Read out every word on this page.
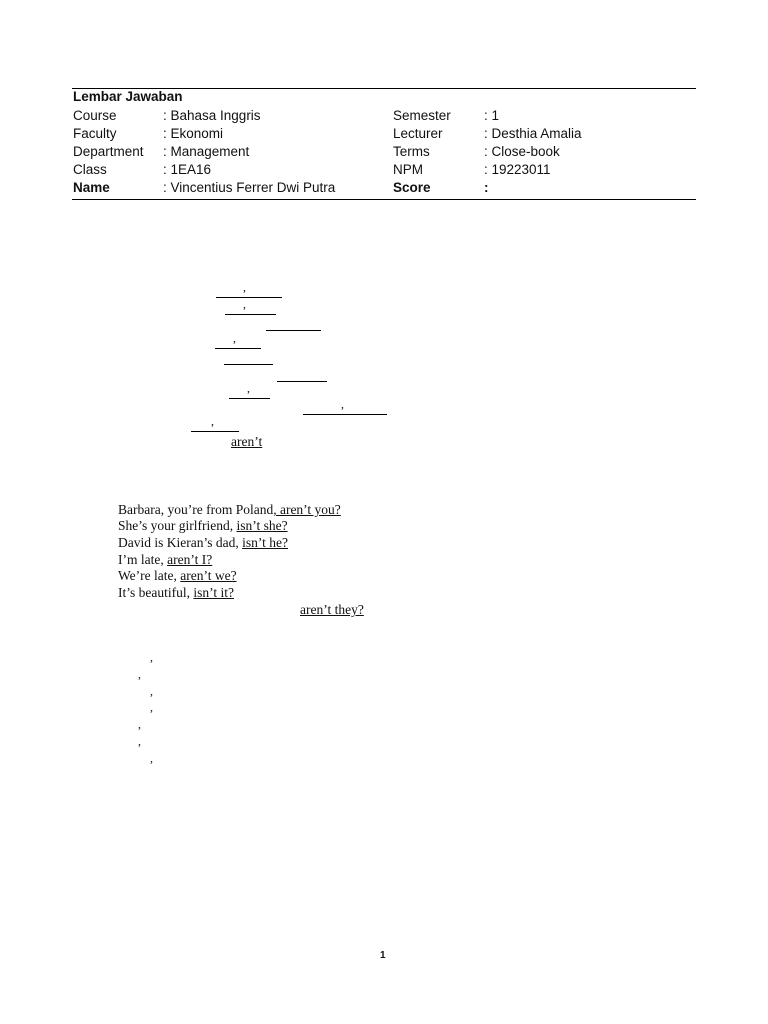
Lembar Jawaban
Course	: Bahasa Inggris	Semester : 1
Faculty	: Ekonomi	Lecturer	: Desthia Amalia
Department : Management	Terms	: Close-book
Class	: 1EA16	NPM	: 19223011
Name	: Vincentius Ferrer Dwi Putra	Score	:
,
,
,
,
,
,
aren’t
Barbara, you’re from Poland, aren’t you?
She’s your girlfriend, isn’t she?
David is Kieran’s dad, isn’t he?
I’m late, aren’t I?
We’re late, aren’t we?
It’s beautiful, isn’t it?
aren’t they?
,
,
,
,
,
,
,
1
